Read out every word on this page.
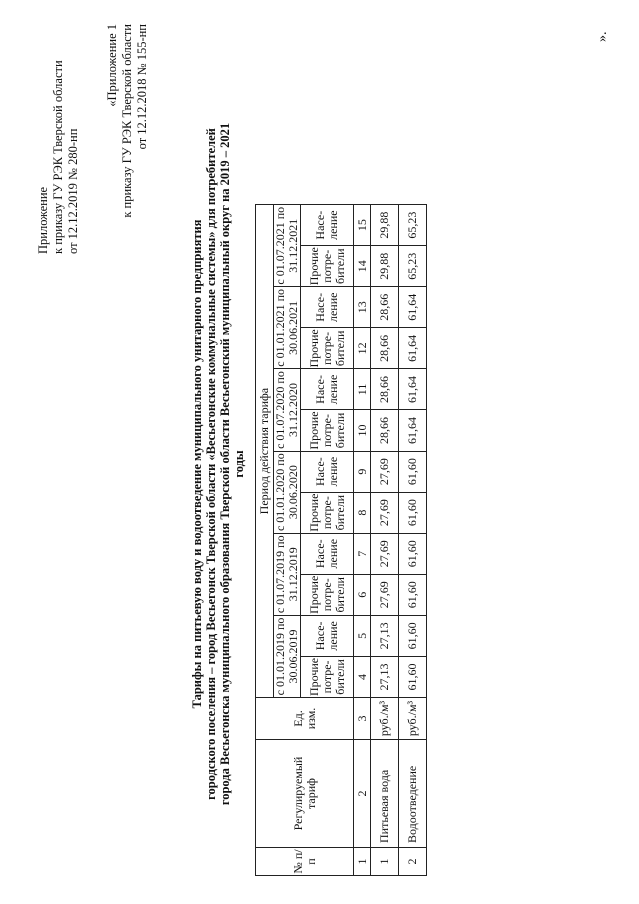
Приложение к приказу ГУ РЭК Тверской области от 12.12.2019 № 280-нп
«Приложение 1 к приказу ГУ РЭК Тверской области от 12.12.2018 № 155-нп
Тарифы на питьевую воду и водоотведение муниципального унитарного предприятия городского поселения – город Весьегонск Тверской области «Весьегонские коммунальные системы» для потребителей города Весьегонска муниципального образования Тверской области Весьегонский муниципальный округ на 2019 – 2021 годы
№ п/ п	Регулируемый тариф	Ед. изм.	Период действия тарифа											
			с 01.01.2019 по 30.06.2019		с 01.07.2019 по 31.12.2019		с 01.01.2020 по 30.06.2020		с 01.07.2020 по 31.12.2020		с 01.01.2021 по 30.06.2021		с 01.07.2021 по 31.12.2021	
			Прочие потре- бители	Насе- ление	Прочие потре- бители	Насе- ление	Прочие потре- бители	Насе- ление	Прочие потре- бители	Насе- ление	Прочие потре- бители	Насе- ление	Прочие потре- бители	Насе- ление
1	2	3	4	5	6	7	8	9	10	11	12	13	14	15
1	Питьевая вода	руб./м³	27,13	27,13	27,69	27,69	27,69	27,69	28,66	28,66	28,66	28,66	29,88	29,88
2	Водоотведение	руб./м³	61,60	61,60	61,60	61,60	61,60	61,60	61,64	61,64	61,64	61,64	65,23	65,23
».
